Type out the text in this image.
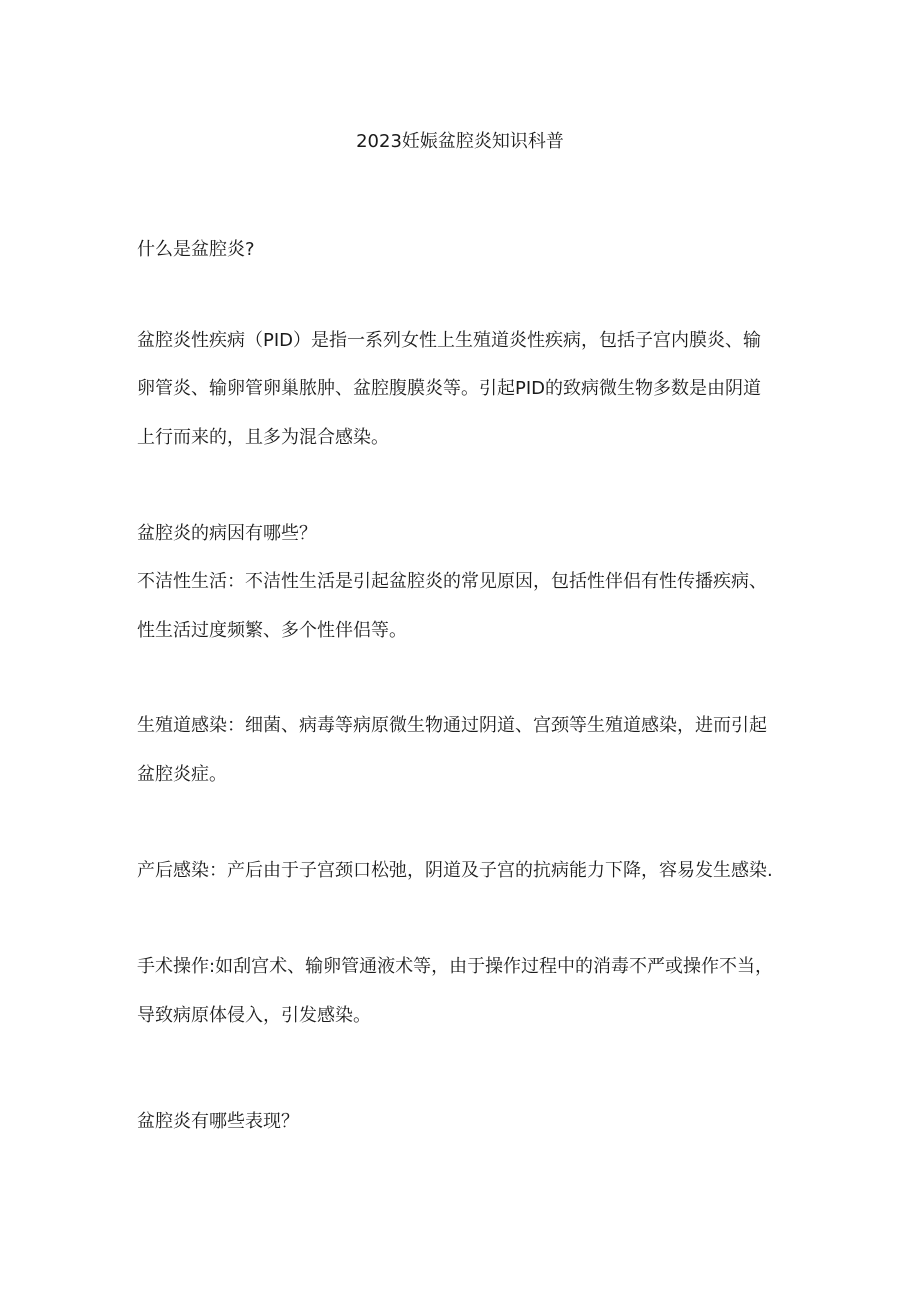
2023妊娠盆腔炎知识科普
什么是盆腔炎?
盆腔炎性疾病（PID）是指一系列女性上生殖道炎性疾病，包括子宫内膜炎、输
卵管炎、输卵管卵巢脓肿、盆腔腹膜炎等。引起PID的致病微生物多数是由阴道
上行而来的，且多为混合感染。
盆腔炎的病因有哪些？
不洁性生活：不洁性生活是引起盆腔炎的常见原因，包括性伴侣有性传播疾病、
性生活过度频繁、多个性伴侣等。
生殖道感染：细菌、病毒等病原微生物通过阴道、宫颈等生殖道感染，进而引起
盆腔炎症。
产后感染：产后由于子宫颈口松弛，阴道及子宫的抗病能力下降，容易发生感染.
手术操作:如刮宫术、输卵管通液术等，由于操作过程中的消毒不严或操作不当，
导致病原体侵入，引发感染。
盆腔炎有哪些表现？
